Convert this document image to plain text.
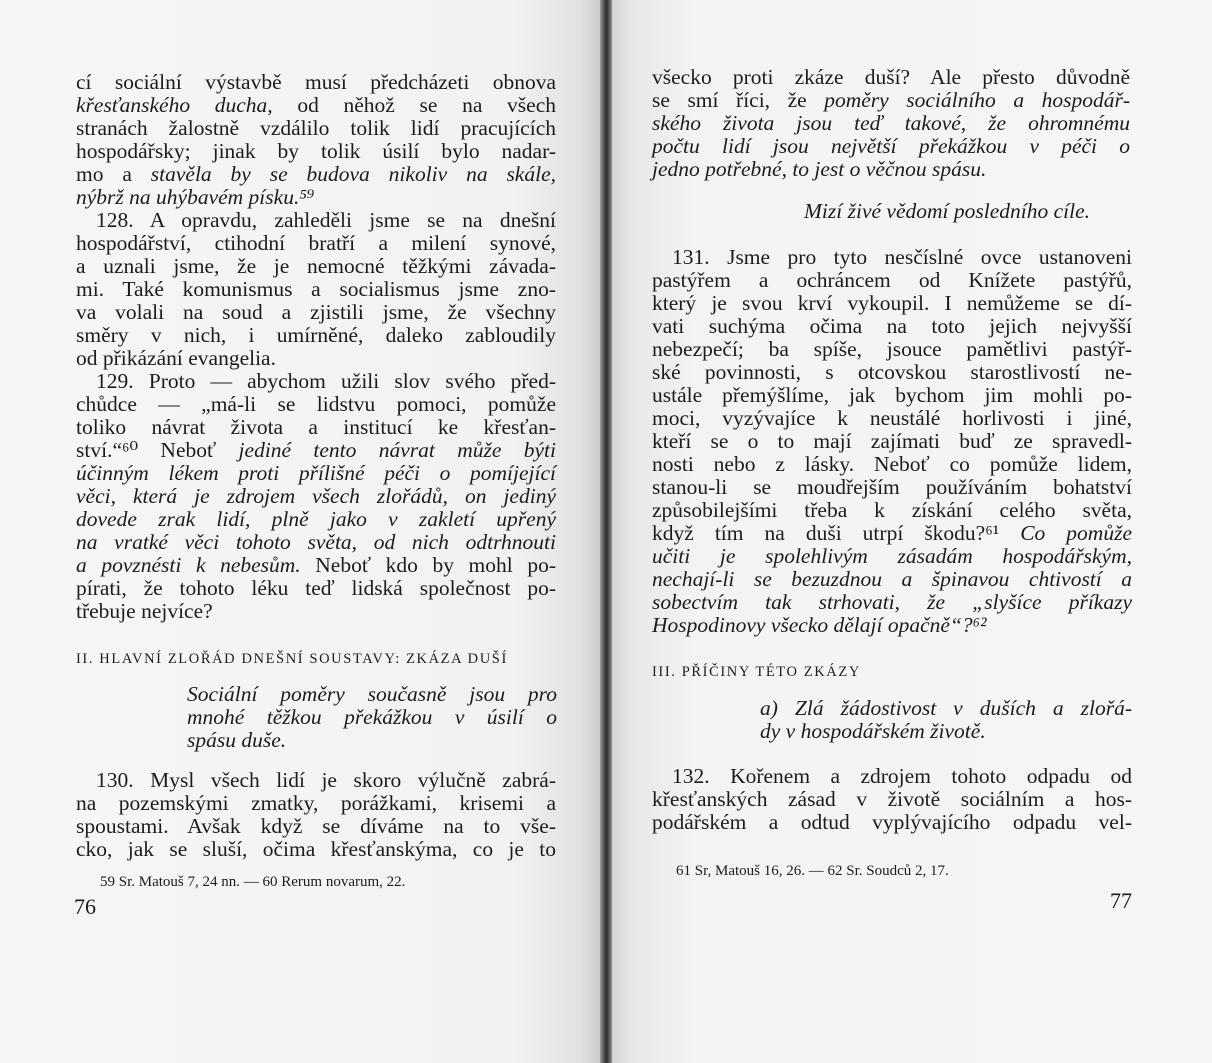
cí sociální výstavbě musí předcházeti obnova
křesťanského ducha, od něhož se na všech
stranách žalostně vzdálilo tolik lidí pracujících
hospodářsky; jinak by tolik úsilí bylo nadar-
mo a stavěla by se budova nikoliv na skále,
nýbrž na uhýbavém písku.⁵⁹
128. A opravdu, zahleděli jsme se na dnešní
hospodářství, ctihodní bratří a milení synové,
a uznali jsme, že je nemocné těžkými závada-
mi. Také komunismus a socialismus jsme zno-
va volali na soud a zjistili jsme, že všechny
směry v nich, i umírněné, daleko zabloudily
od přikázání evangelia.
129. Proto — abychom užili slov svého před-
chůdce — „má-li se lidstvu pomoci, pomůže
toliko návrat života a institucí ke křesťan-
ství.“⁶⁰ Neboť jediné tento návrat může býti
účinným lékem proti přílišné péči o pomíjející
věci, která je zdrojem všech zlořádů, on jediný
dovede zrak lidí, plně jako v zakletí upřený
na vratké věci tohoto světa, od nich odtrhnouti
a povznésti k nebesům. Neboť kdo by mohl po-
pírati, že tohoto léku teď lidská společnost po-
třebuje nejvíce?
II. HLAVNÍ ZLOŘÁD DNEŠNÍ SOUSTAVY: ZKÁZA DUŠÍ
Sociální poměry současně jsou pro
mnohé těžkou překážkou v úsilí o
spásu duše.
130. Mysl všech lidí je skoro výlučně zabrá-
na pozemskými zmatky, porážkami, krisemi a
spoustami. Avšak když se díváme na to vše-
cko, jak se sluší, očima křesťanskýma, co je to
59 Sr. Matouš 7, 24 nn. — 60 Rerum novarum, 22.
76
všecko proti zkáze duší? Ale přesto důvodně
se smí říci, že poměry sociálního a hospodář-
ského života jsou teď takové, že ohromnému
počtu lidí jsou největší překážkou v péči o
jedno potřebné, to jest o věčnou spásu.
Mizí živé vědomí posledního cíle.
131. Jsme pro tyto nesčíslné ovce ustanoveni
pastýřem a ochráncem od Knížete pastýřů,
který je svou krví vykoupil. I nemůžeme se dí-
vati suchýma očima na toto jejich nejvyšší
nebezpečí; ba spíše, jsouce pamětlivi pastýř-
ské povinnosti, s otcovskou starostlivostí ne-
ustále přemýšlíme, jak bychom jim mohli po-
moci, vyzývajíce k neustálé horlivosti i jiné,
kteří se o to mají zajímati buď ze spravedl-
nosti nebo z lásky. Neboť co pomůže lidem,
stanou-li se moudřejším používáním bohatství
způsobilejšími třeba k získání celého světa,
když tím na duši utrpí škodu?⁶¹ Co pomůže
učiti je spolehlivým zásadám hospodářským,
nechají-li se bezuzdnou a špinavou chtivostí a
sobectvím tak strhovati, že „slyšíce příkazy
Hospodinovy všecko dělají opačně“?⁶²
III. PŘÍČINY TÉTO ZKÁZY
a) Zlá žádostivost v duších a zlořá-
dy v hospodářském životě.
132. Kořenem a zdrojem tohoto odpadu od
křesťanských zásad v životě sociálním a hos-
podářském a odtud vyplývajícího odpadu vel-
61 Sr, Matouš 16, 26. — 62 Sr. Soudců 2, 17.
77
